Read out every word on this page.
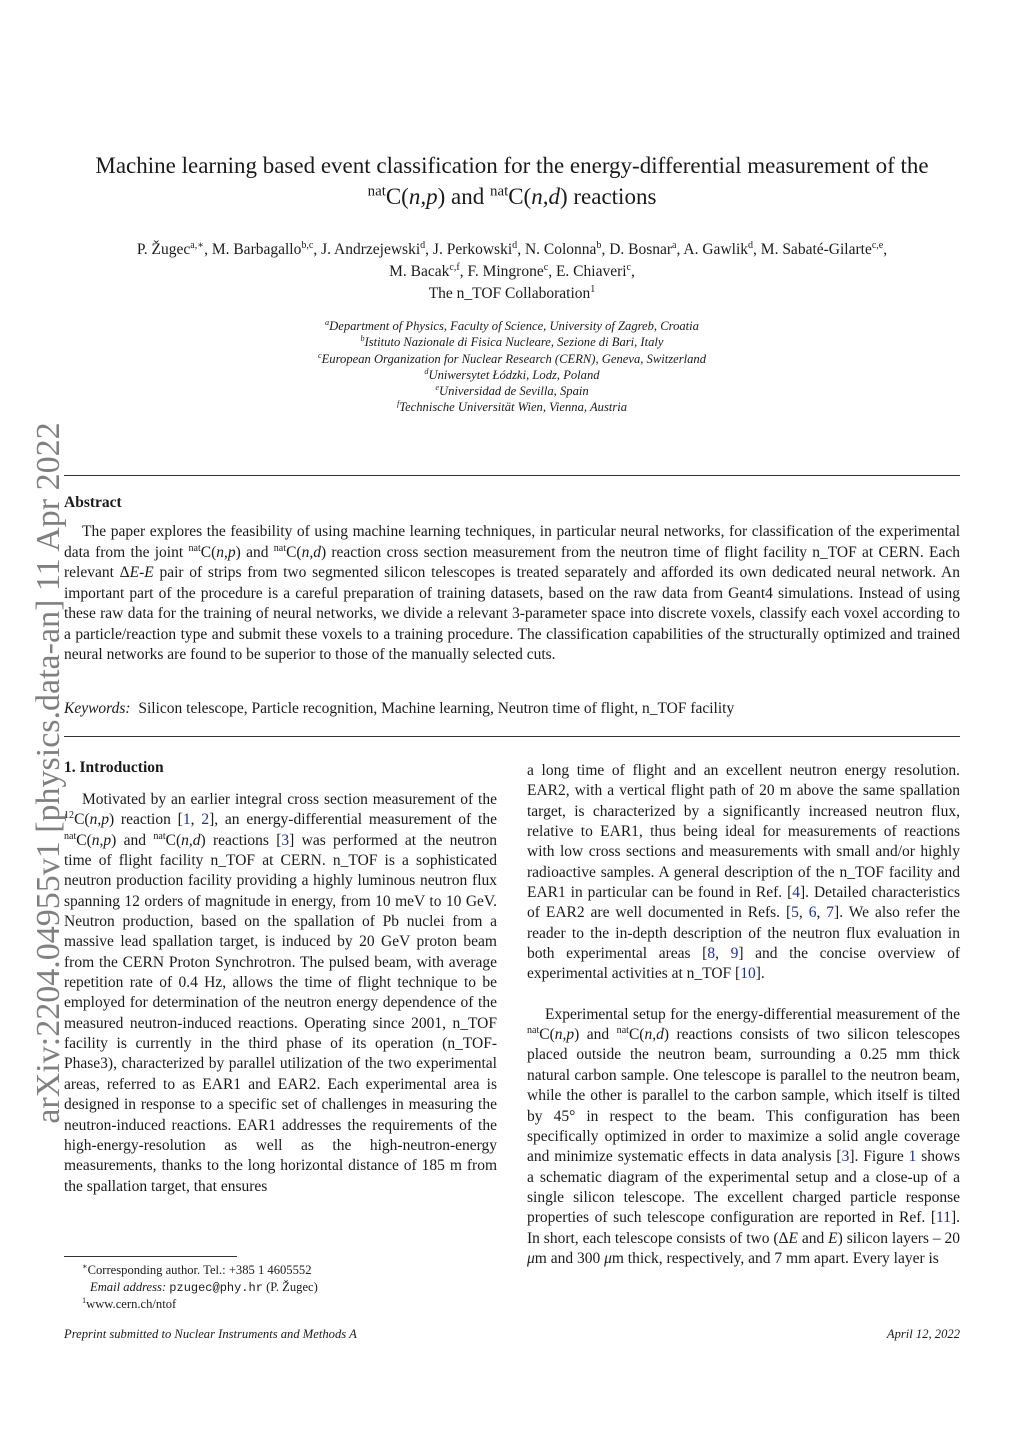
arXiv:2204.04955v1 [physics.data-an] 11 Apr 2022
Machine learning based event classification for the energy-differential measurement of the
$^{nat}$C(n,p) and $^{nat}$C(n,d) reactions
P. Žugec$^{a,∗}$, M. Barbagallo$^{b,c}$, J. Andrzejewski$^d$, J. Perkowski$^d$, N. Colonna$^b$, D. Bosnar$^a$, A. Gawlik$^d$, M. Sabaté-Gilarte$^{c,e}$,
M. Bacak$^{c,f}$, F. Mingrone$^c$, E. Chiaveri$^c$,
The n_TOF Collaboration$^1$
$^a$Department of Physics, Faculty of Science, University of Zagreb, Croatia
$^b$Istituto Nazionale di Fisica Nucleare, Sezione di Bari, Italy
$^c$European Organization for Nuclear Research (CERN), Geneva, Switzerland
$^d$Uniwersytet Łódzki, Lodz, Poland
$^e$Universidad de Sevilla, Spain
$^f$Technische Universität Wien, Vienna, Austria
Abstract

The paper explores the feasibility of using machine learning techniques, in particular neural networks, for classification of the experimental data from the joint $^{nat}$C(n,p) and $^{nat}$C(n,d) reaction cross section measurement from the neutron time of flight facility n_TOF at CERN. Each relevant ΔE-E pair of strips from two segmented silicon telescopes is treated separately and afforded its own dedicated neural network. An important part of the procedure is a careful preparation of training datasets, based on the raw data from Geant4 simulations. Instead of using these raw data for the training of neural networks, we divide a relevant 3-parameter space into discrete voxels, classify each voxel according to a particle/reaction type and submit these voxels to a training procedure. The classification capabilities of the structurally optimized and trained neural networks are found to be superior to those of the manually selected cuts.

Keywords: Silicon telescope, Particle recognition, Machine learning, Neutron time of flight, n_TOF facility
1. Introduction

Motivated by an earlier integral cross section measurement of the $^{12}$C(n,p) reaction [1, 2], an energy-differential measurement of the $^{nat}$C(n,p) and $^{nat}$C(n,d) reactions [3] was performed at the neutron time of flight facility n_TOF at CERN. n_TOF is a sophisticated neutron production facility providing a highly luminous neutron flux spanning 12 orders of magnitude in energy, from 10 meV to 10 GeV. Neutron production, based on the spallation of Pb nuclei from a massive lead spallation target, is induced by 20 GeV proton beam from the CERN Proton Synchrotron. The pulsed beam, with average repetition rate of 0.4 Hz, allows the time of flight technique to be employed for determination of the neutron energy dependence of the measured neutron-induced reactions. Operating since 2001, n_TOF facility is currently in the third phase of its operation (n_TOF-Phase3), characterized by parallel utilization of the two experimental areas, referred to as EAR1 and EAR2. Each experimental area is designed in response to a specific set of challenges in measuring the neutron-induced reactions. EAR1 addresses the requirements of the high-energy-resolution as well as the high-neutron-energy measurements, thanks to the long horizontal distance of 185 m from the spallation target, that ensures

a long time of flight and an excellent neutron energy resolution. EAR2, with a vertical flight path of 20 m above the same spallation target, is characterized by a significantly increased neutron flux, relative to EAR1, thus being ideal for measurements of reactions with low cross sections and measurements with small and/or highly radioactive samples. A general description of the n_TOF facility and EAR1 in particular can be found in Ref. [4]. Detailed characteristics of EAR2 are well documented in Refs. [5, 6, 7]. We also refer the reader to the in-depth description of the neutron flux evaluation in both experimental areas [8, 9] and the concise overview of experimental activities at n_TOF [10].

Experimental setup for the energy-differential measurement of the $^{nat}$C(n,p) and $^{nat}$C(n,d) reactions consists of two silicon telescopes placed outside the neutron beam, surrounding a 0.25 mm thick natural carbon sample. One telescope is parallel to the neutron beam, while the other is parallel to the carbon sample, which itself is tilted by 45° in respect to the beam. This configuration has been specifically optimized in order to maximize a solid angle coverage and minimize systematic effects in data analysis [3]. Figure 1 shows a schematic diagram of the experimental setup and a close-up of a single silicon telescope. The excellent charged particle response properties of such telescope configuration are reported in Ref. [11]. In short, each telescope consists of two (ΔE and E) silicon layers – 20 μm and 300 μm thick, respectively, and 7 mm apart. Every layer is

∗Corresponding author. Tel.: +385 1 4605552
Email address: pzugec@phy.hr (P. Žugec)
$^1$www.cern.ch/ntof
Preprint submitted to Nuclear Instruments and Methods A	April 12, 2022
